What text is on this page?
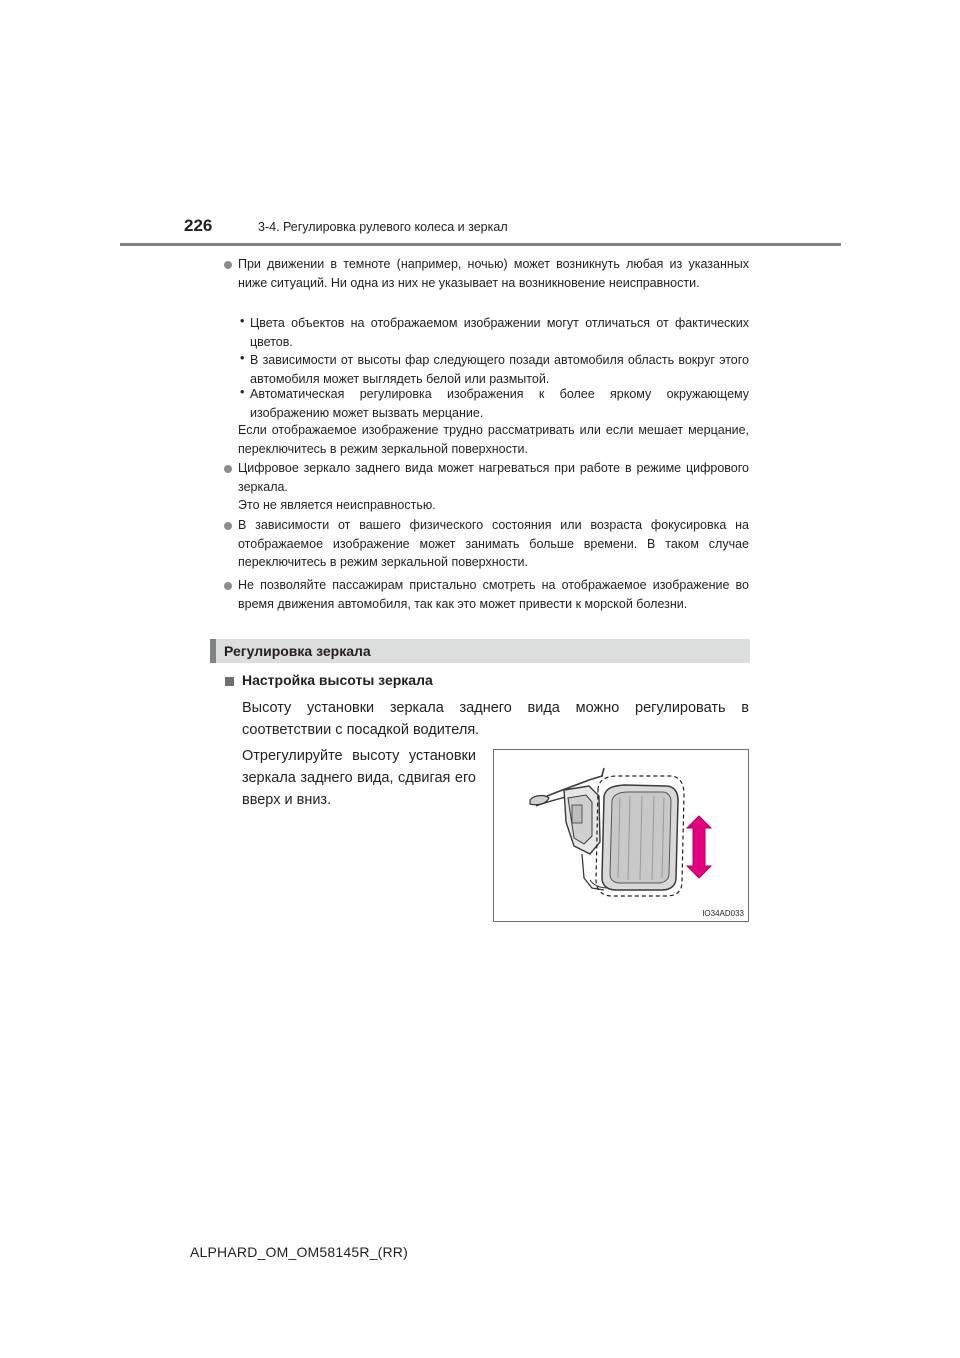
226	3-4. Регулировка рулевого колеса и зеркал
При движении в темноте (например, ночью) может возникнуть любая из указанных ниже ситуаций. Ни одна из них не указывает на возникновение неисправности.
• Цвета объектов на отображаемом изображении могут отличаться от фактических цветов.
• В зависимости от высоты фар следующего позади автомобиля область вокруг этого автомобиля может выглядеть белой или размытой.
• Автоматическая регулировка изображения к более яркому окружающему изображению может вызвать мерцание.
Если отображаемое изображение трудно рассматривать или если мешает мерцание, переключитесь в режим зеркальной поверхности.
Цифровое зеркало заднего вида может нагреваться при работе в режиме цифрового зеркала.
Это не является неисправностью.
В зависимости от вашего физического состояния или возраста фокусировка на отображаемое изображение может занимать больше времени. В таком случае переключитесь в режим зеркальной поверхности.
Не позволяйте пассажирам пристально смотреть на отображаемое изображение во время движения автомобиля, так как это может привести к морской болезни.
Регулировка зеркала
Настройка высоты зеркала
Высоту установки зеркала заднего вида можно регулировать в соответствии с посадкой водителя.
Отрегулируйте высоту установки зеркала заднего вида, сдвигая его вверх и вниз.
IO34AD033
ALPHARD_OM_OM58145R_(RR)
